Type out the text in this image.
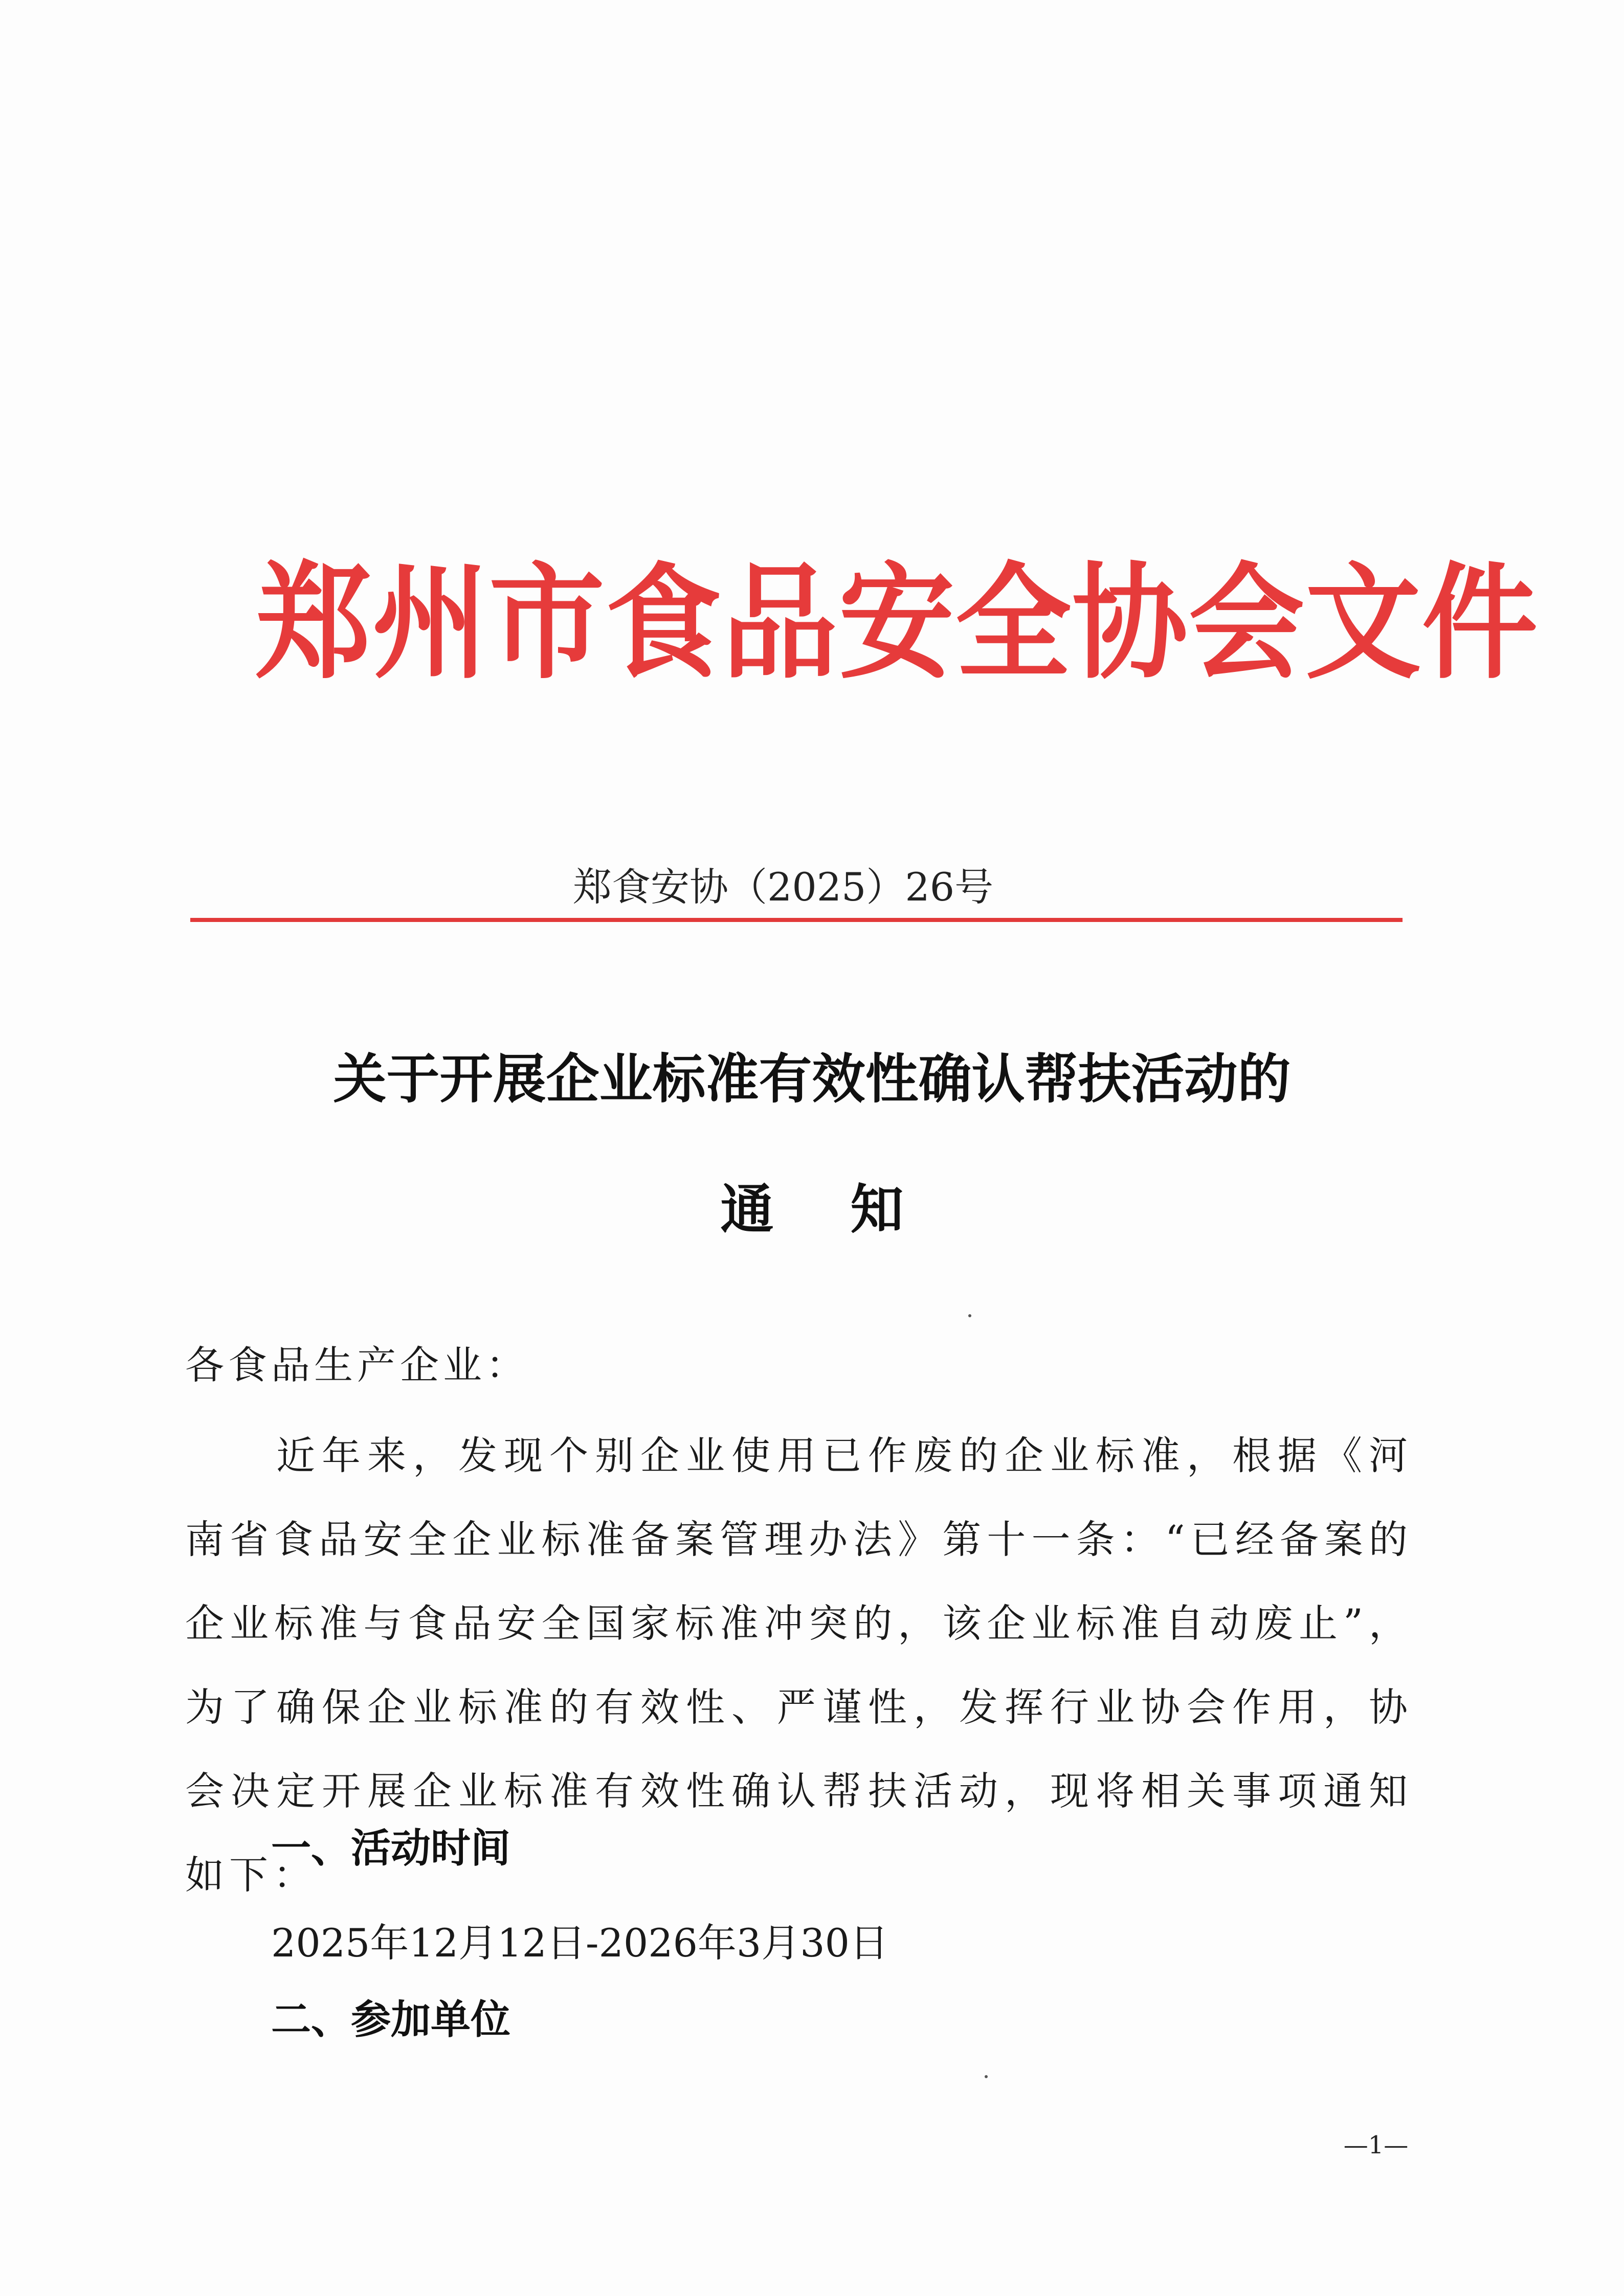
郑州市食品安全协会文件
郑食安协（2025）26号
关于开展企业标准有效性确认帮扶活动的
通知
各食品生产企业：
近年来，发现个别企业使用已作废的企业标准，根据《河南省食品安全企业标准备案管理办法》第十一条：“已经备案的企业标准与食品安全国家标准冲突的，该企业标准自动废止”，为了确保企业标准的有效性、严谨性，发挥行业协会作用，协会决定开展企业标准有效性确认帮扶活动，现将相关事项通知如下：
一、活动时间
2025年12月12日-2026年3月30日
二、参加单位
—1—
